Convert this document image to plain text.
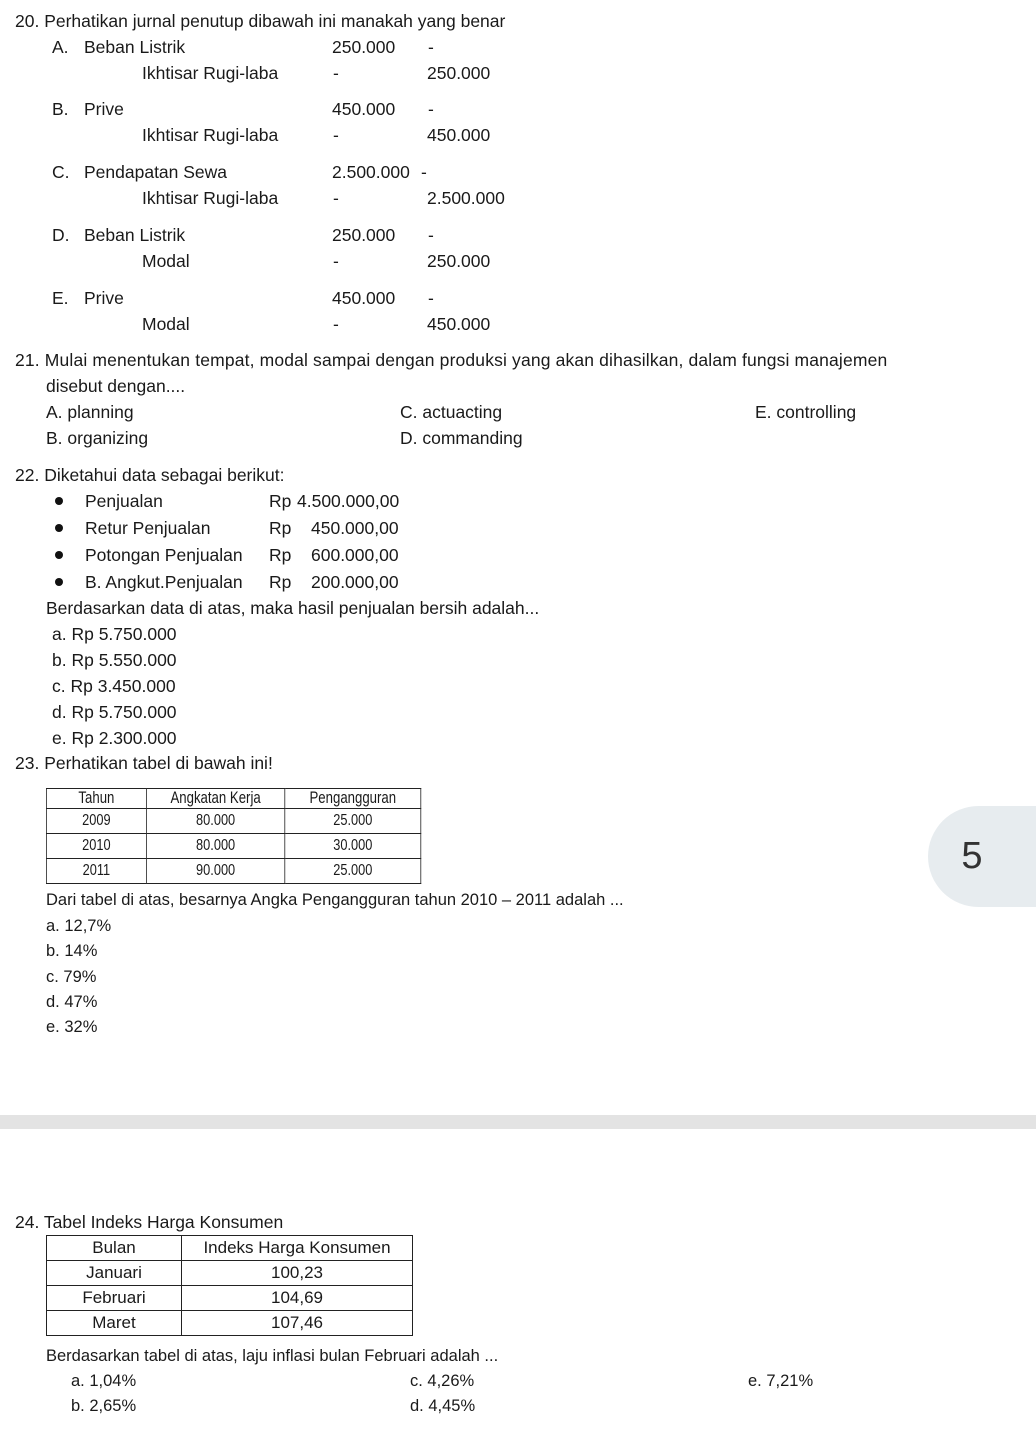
20. Perhatikan jurnal penutup dibawah ini manakah yang benar
A. Beban Listrik	250.000 -
Ikhtisar Rugi-laba	-	250.000
B. Prive	450.000 -
Ikhtisar Rugi-laba	-	450.000
C. Pendapatan Sewa	2.500.000 -
Ikhtisar Rugi-laba	-	2.500.000
D. Beban Listrik	250.000 -
Modal	-	250.000
E. Prive	450.000 -
Modal	-	450.000
21. Mulai menentukan tempat, modal sampai dengan produksi yang akan dihasilkan, dalam fungsi manajemen
disebut dengan....
A. planning
B. organizing
C. actuacting
D. commanding
E. controlling
22. Diketahui data sebagai berikut:
Penjualan	Rp 4.500.000,00
Retur Penjualan	Rp 450.000,00
Potongan Penjualan Rp 600.000,00
B. Angkut.Penjualan Rp 200.000,00
Berdasarkan data di atas, maka hasil penjualan bersih adalah...
a. Rp 5.750.000
b. Rp 5.550.000
c. Rp 3.450.000
d. Rp 5.750.000
e. Rp 2.300.000
23. Perhatikan tabel di bawah ini!
Tahun	Angkatan Kerja	Pengangguran
2009	80.000	25.000
2010	80.000	30.000
2011	90.000	25.000
Dari tabel di atas, besarnya Angka Pengangguran tahun 2010 – 2011 adalah ...
a. 12,7%
b. 14%
c. 79%
d. 47%
e. 32%
5
24. Tabel Indeks Harga Konsumen
Bulan	Indeks Harga Konsumen
Januari	100,23
Februari	104,69
Maret	107,46
Berdasarkan tabel di atas, laju inflasi bulan Februari adalah ...
a. 1,04%
b. 2,65%
c. 4,26%
d. 4,45%
e. 7,21%
